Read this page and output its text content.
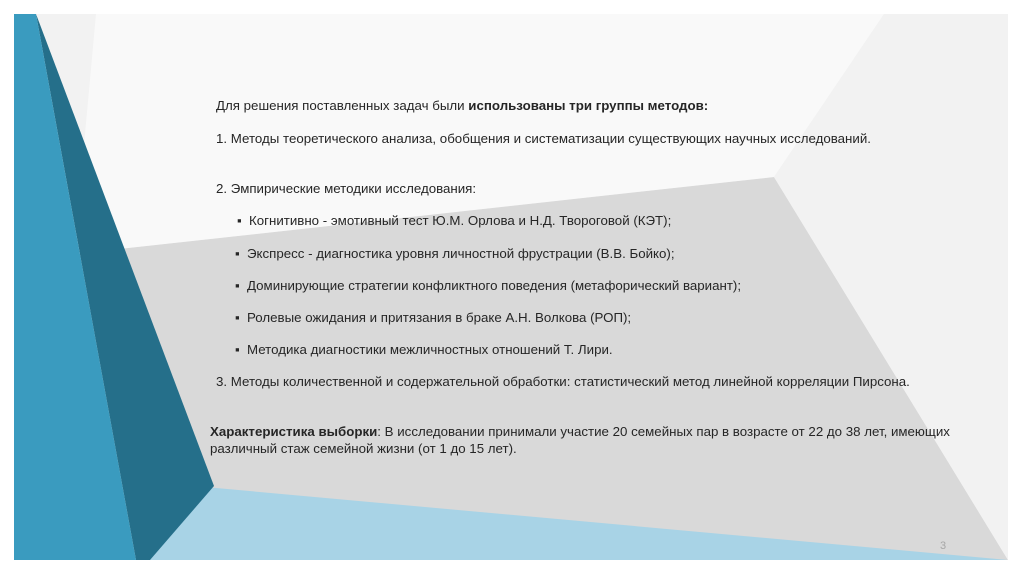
Для решения поставленных задач были использованы три группы методов:
1. Методы теоретического анализа, обобщения и систематизации существующих научных исследований.
2. Эмпирические методики исследования:
▪ Когнитивно - эмотивный тест Ю.М. Орлова и Н.Д. Твороговой (КЭТ);
▪ Экспресс - диагностика уровня личностной фрустрации (В.В. Бойко);
▪ Доминирующие стратегии конфликтного поведения (метафорический вариант);
▪ Ролевые ожидания и притязания в браке А.Н. Волкова (РОП);
▪ Методика диагностики межличностных отношений Т. Лири.
3. Методы количественной и содержательной обработки: статистический метод линейной корреляции Пирсона.
Характеристика выборки: В исследовании принимали участие 20 семейных пар в возрасте от 22 до 38 лет, имеющих различный стаж семейной жизни (от 1 до 15 лет).
3
